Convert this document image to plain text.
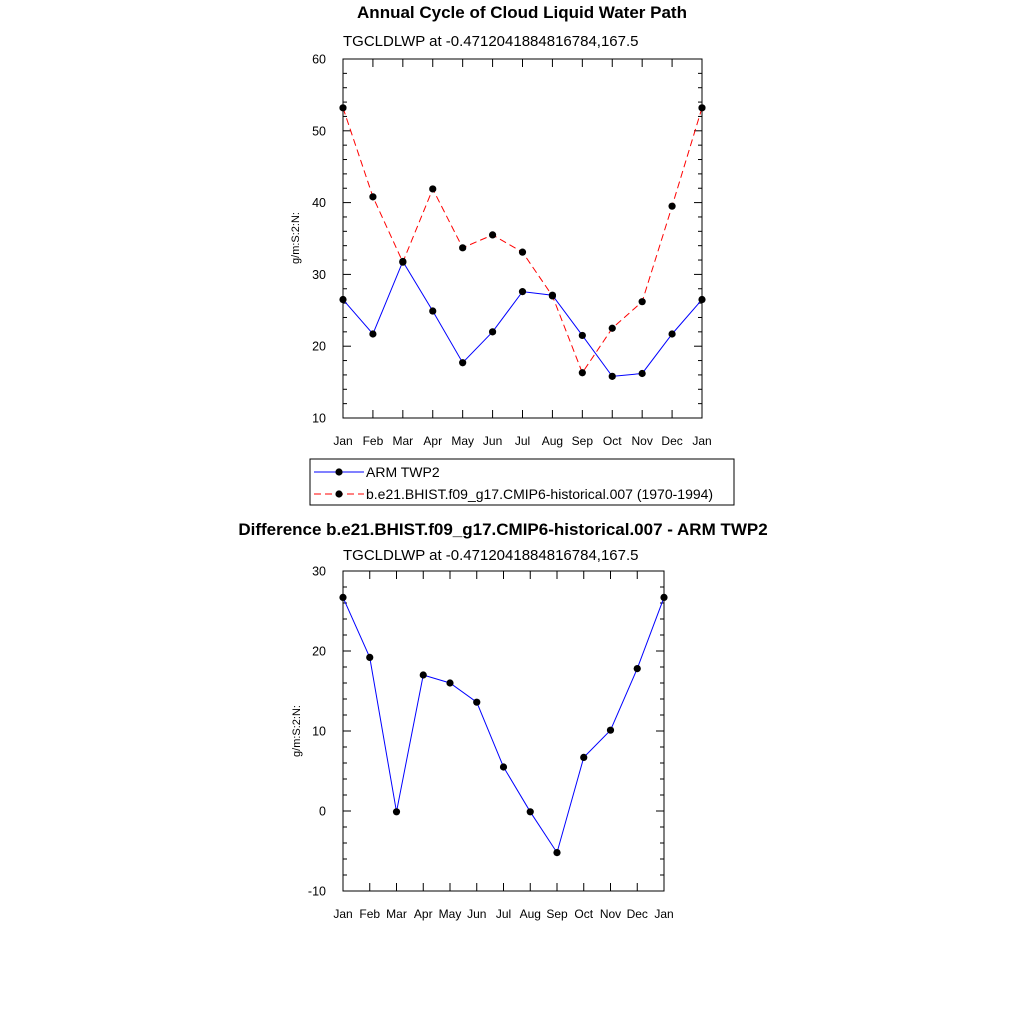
Annual Cycle of Cloud Liquid Water Path
TGCLDLWP at -0.4712041884816784,167.5
g/m:S:2:N:
Jan Feb Mar Apr May Jun Jul Aug Sep Oct Nov Dec Jan
10
20
30
40
50
60
ARM TWP2
b.e21.BHIST.f09_g17.CMIP6-historical.007 (1970-1994)
Difference b.e21.BHIST.f09_g17.CMIP6-historical.007 - ARM TWP2
TGCLDLWP at -0.4712041884816784,167.5
g/m:S:2:N:
Jan Feb Mar Apr May Jun Jul Aug Sep Oct Nov Dec Jan
-10
0
10
20
30
